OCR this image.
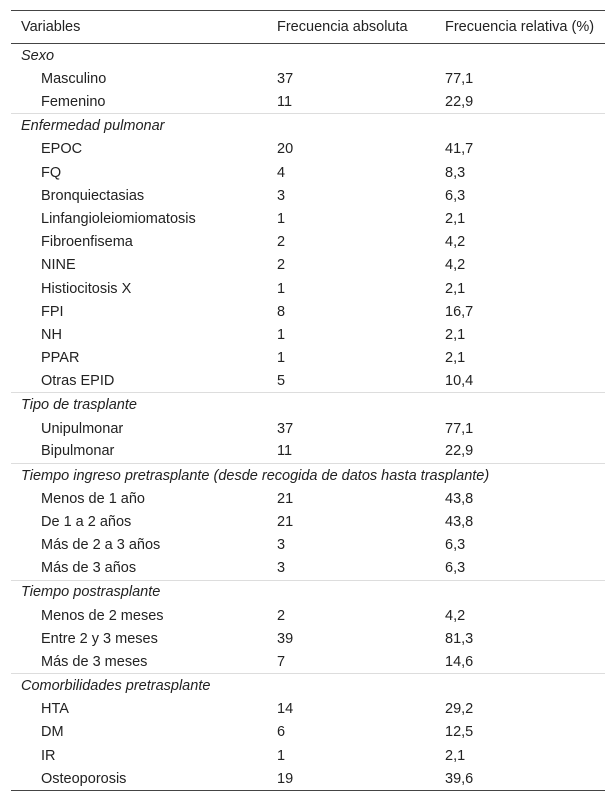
Variables	Frecuencia absoluta	Frecuencia relativa (%)
Sexo		
Masculino	37	77,1
Femenino	11	22,9
Enfermedad pulmonar		
EPOC	20	41,7
FQ	4	8,3
Bronquiectasias	3	6,3
Linfangioleiomiomatosis	1	2,1
Fibroenfisema	2	4,2
NINE	2	4,2
Histiocitosis X	1	2,1
FPI	8	16,7
NH	1	2,1
PPAR	1	2,1
Otras EPID	5	10,4
Tipo de trasplante		
Unipulmonar	37	77,1
Bipulmonar	11	22,9
Tiempo ingreso pretrasplante (desde recogida de datos hasta trasplante)		
Menos de 1 año	21	43,8
De 1 a 2 años	21	43,8
Más de 2 a 3 años	3	6,3
Más de 3 años	3	6,3
Tiempo postrasplante		
Menos de 2 meses	2	4,2
Entre 2 y 3 meses	39	81,3
Más de 3 meses	7	14,6
Comorbilidades pretrasplante		
HTA	14	29,2
DM	6	12,5
IR	1	2,1
Osteoporosis	19	39,6
